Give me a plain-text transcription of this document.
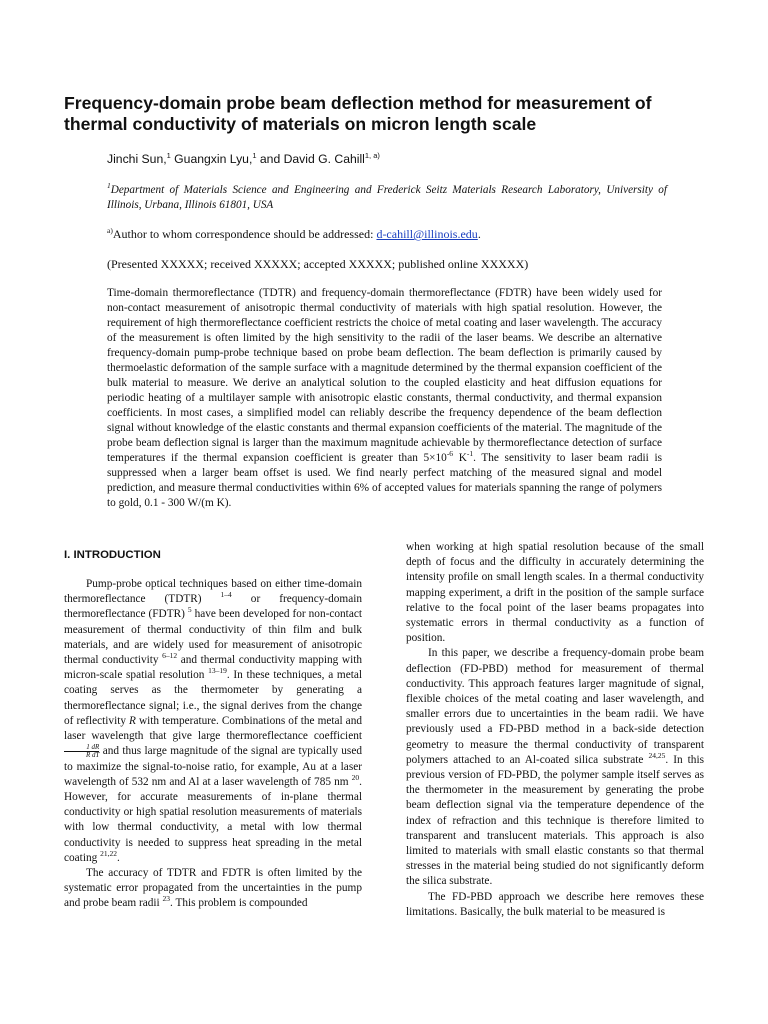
Frequency-domain probe beam deflection method for measurement of thermal conductivity of materials on micron length scale
Jinchi Sun,$^1$ Guangxin Lyu,$^1$ and David G. Cahill$^{1, a)}$
$^1$Department of Materials Science and Engineering and Frederick Seitz Materials Research Laboratory, University of Illinois, Urbana, Illinois 61801, USA
$^{a)}$Author to whom correspondence should be addressed: d-cahill@illinois.edu.
(Presented XXXXX; received XXXXX; accepted XXXXX; published online XXXXX)

Time-domain thermoreflectance (TDTR) and frequency-domain thermoreflectance (FDTR) have been widely used for non-contact measurement of anisotropic thermal conductivity of materials with high spatial resolution. However, the requirement of high thermoreflectance coefficient restricts the choice of metal coating and laser wavelength. The accuracy of the measurement is often limited by the high sensitivity to the radii of the laser beams. We describe an alternative frequency-domain pump-probe technique based on probe beam deflection. The beam deflection is primarily caused by thermoelastic deformation of the sample surface with a magnitude determined by the thermal expansion coefficient of the bulk material to measure. We derive an analytical solution to the coupled elasticity and heat diffusion equations for periodic heating of a multilayer sample with anisotropic elastic constants, thermal conductivity, and thermal expansion coefficients. In most cases, a simplified model can reliably describe the frequency dependence of the beam deflection signal without knowledge of the elastic constants and thermal expansion coefficients of the material. The magnitude of the probe beam deflection signal is larger than the maximum magnitude achievable by thermoreflectance detection of surface temperatures if the thermal expansion coefficient is greater than $5\times 10^{-6}$ $K^{-1}$. The sensitivity to laser beam radii is suppressed when a larger beam offset is used. We find nearly perfect matching of the measured signal and model prediction, and measure thermal conductivities within 6% of accepted values for materials spanning the range of polymers to gold, 0.1 - 300 W/(m K).

I. INTRODUCTION

Pump-probe optical techniques based on either time-domain thermoreflectance (TDTR) $^{1-4}$ or frequency-domain thermoreflectance (FDTR) $^5$ have been developed for non-contact measurement of thermal conductivity of thin film and bulk materials, and are widely used for measurement of anisotropic thermal conductivity $^{6-12}$ and thermal conductivity mapping with micron-scale spatial resolution $^{13-19}$. In these techniques, a metal coating serves as the thermometer by generating a thermoreflectance signal; i.e., the signal derives from the change of reflectivity R with temperature. Combinations of the metal and laser wavelength that give large thermoreflectance coefficient
$\frac{1 dR}{\text{R dT}}$ and thus large magnitude of the signal are typically used to maximize the signal-to-noise ratio, for example, Au at a laser wavelength of 532 nm and Al at a laser wavelength of 785 nm $^{20}$. However, for accurate measurements of in-plane thermal conductivity or high spatial resolution measurements of materials with low thermal conductivity, a metal with low thermal conductivity is needed to suppress heat spreading in the metal coating $^{21,22}$.

The accuracy of TDTR and FDTR is often limited by the systematic error propagated from the uncertainties in the pump and probe beam radii $^{23}$. This problem is compounded

when working at high spatial resolution because of the small depth of focus and the difficulty in accurately determining the intensity profile on small length scales. In a thermal conductivity mapping experiment, a drift in the position of the sample surface relative to the focal point of the laser beams propagates into systematic errors in thermal conductivity as a function of position.

In this paper, we describe a frequency-domain probe beam deflection (FD-PBD) method for measurement of thermal conductivity. This approach features larger magnitude of signal, flexible choices of the metal coating and laser wavelength, and smaller errors due to uncertainties in the beam radii. We have previously used a FD-PBD method in a back-side detection geometry to measure the thermal conductivity of transparent polymers attached to an Al-coated silica substrate $^{24,25}$. In this previous version of FD-PBD, the polymer sample itself serves as the thermometer in the measurement by generating the probe beam deflection signal via the temperature dependence of the index of refraction and this technique is therefore limited to transparent and translucent materials. This approach is also limited to materials with small elastic constants so that thermal stresses in the material being studied do not significantly deform the silica substrate.

The FD-PBD approach we describe here removes these limitations. Basically, the bulk material to be measured is
